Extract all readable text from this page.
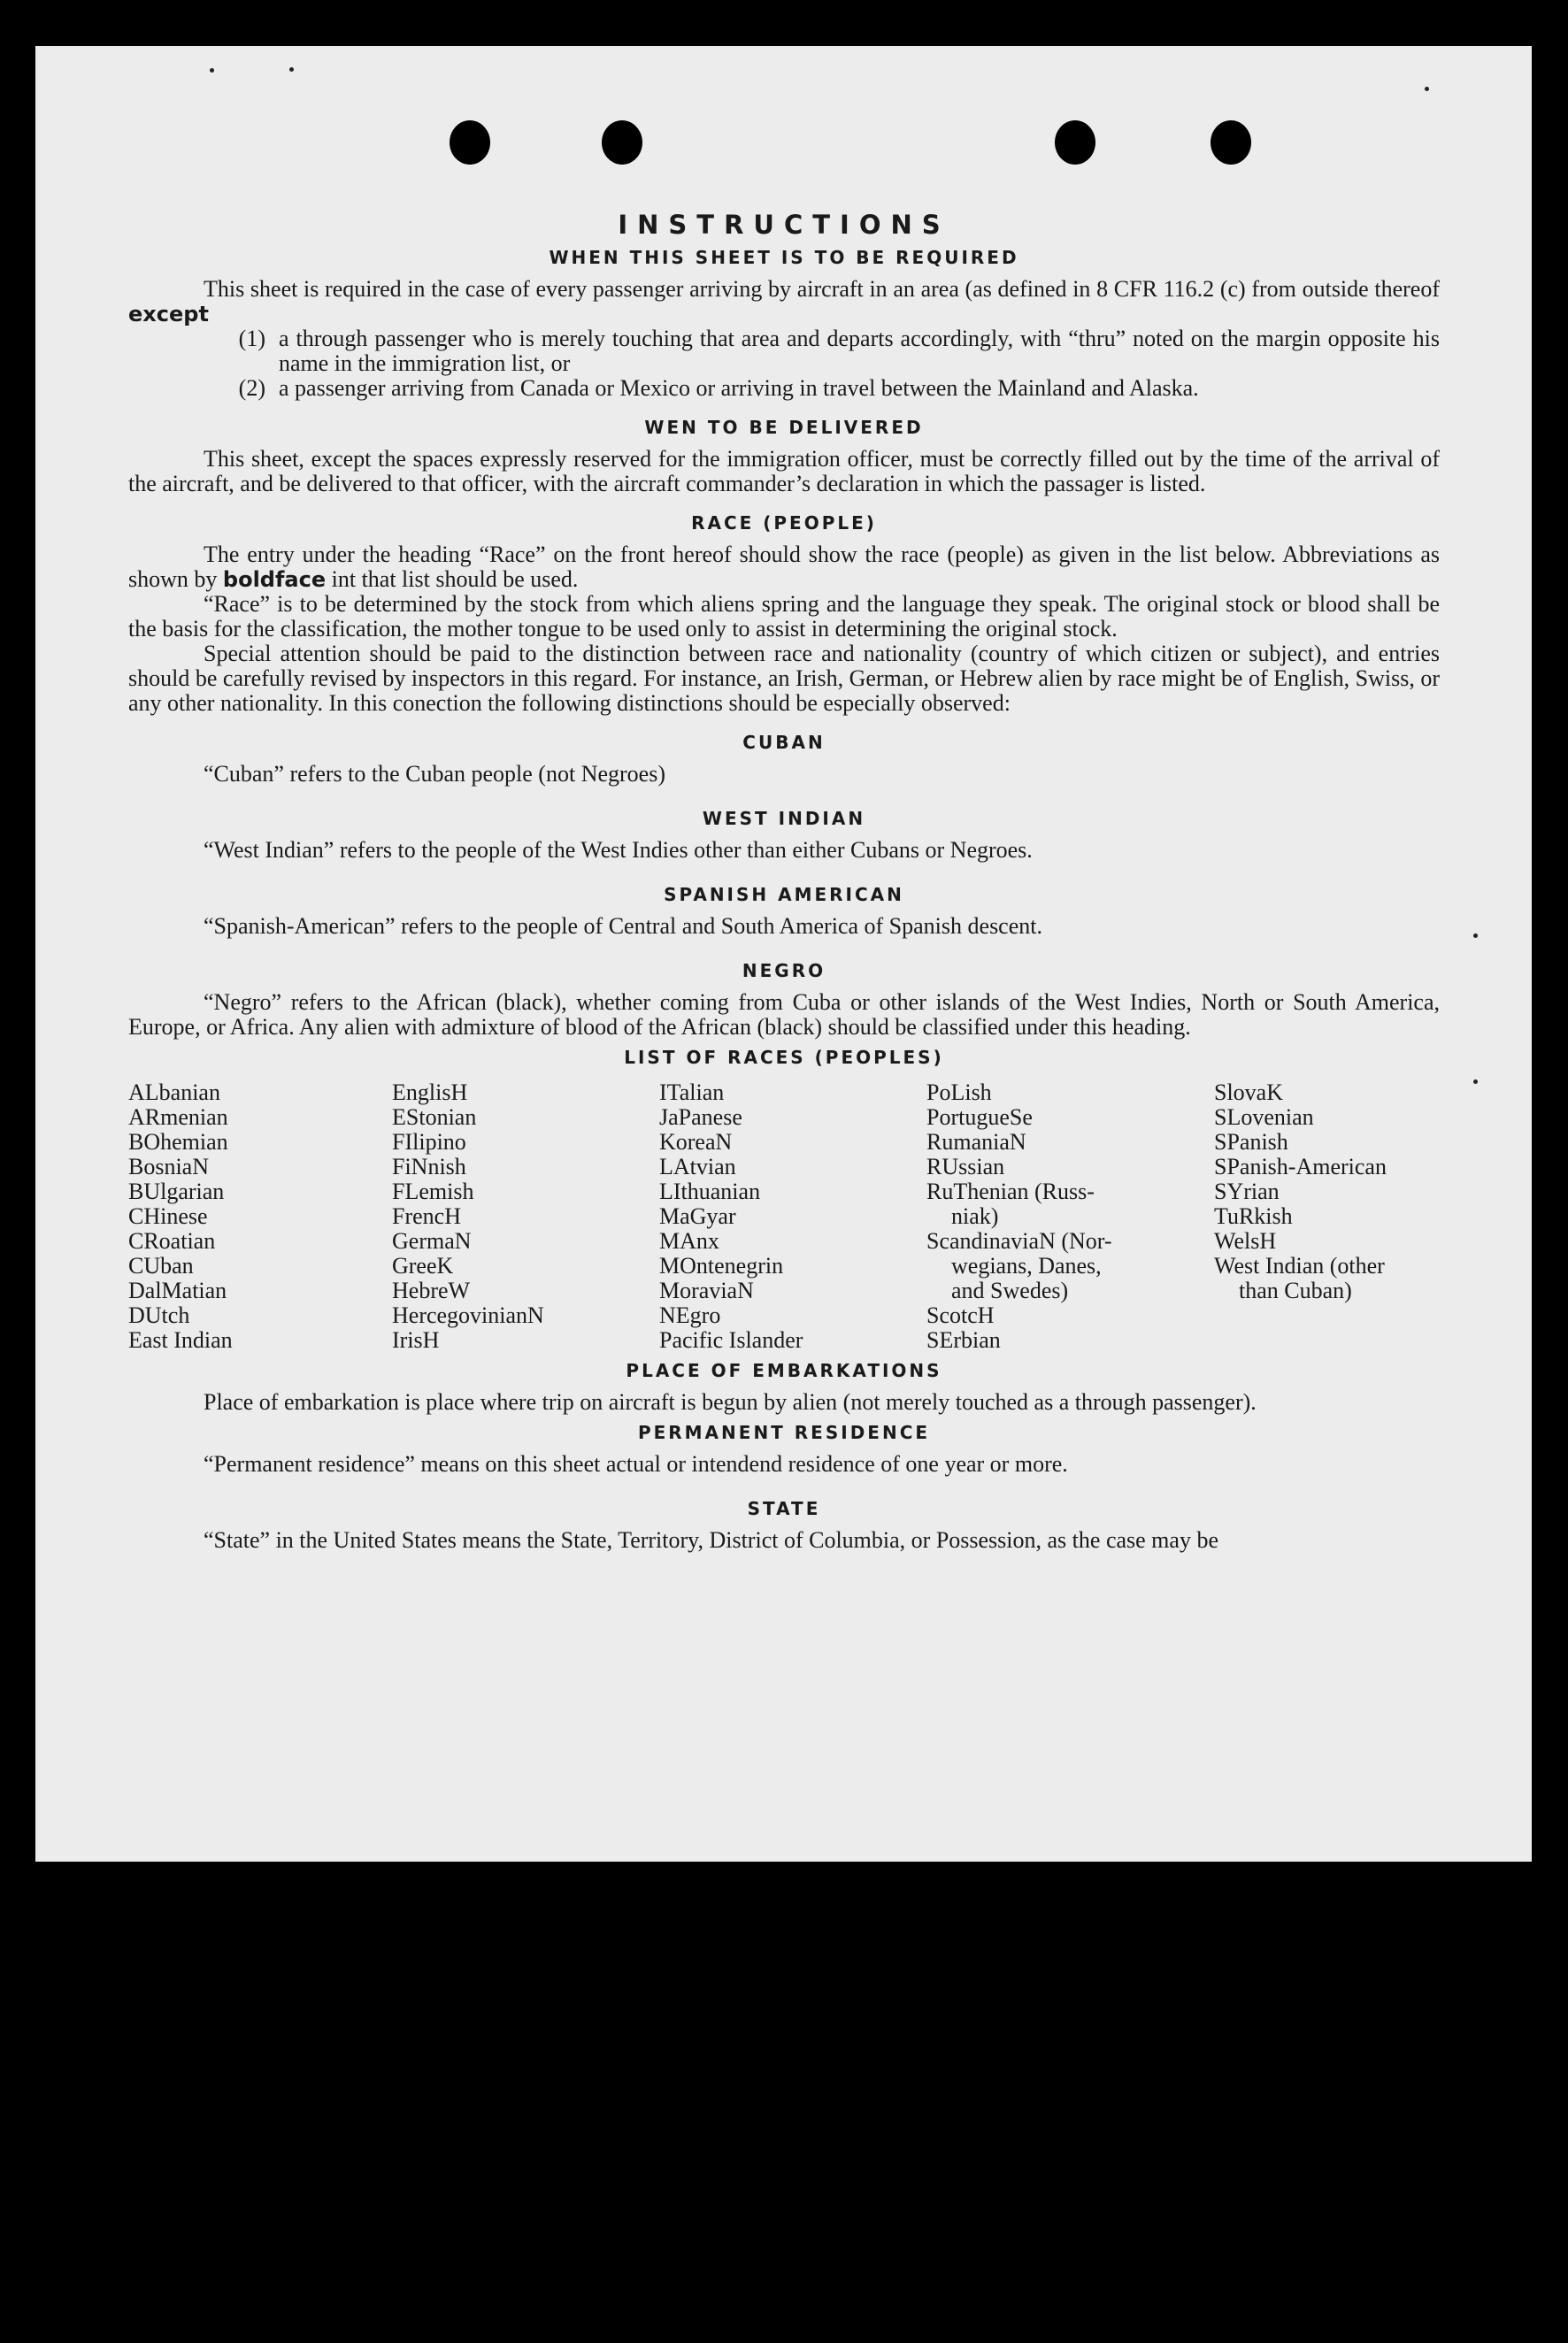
INSTRUCTIONS
WHEN THIS SHEET IS TO BE REQUIRED

This sheet is required in the case of every passenger arriving by aircraft in an area (as defined in 8 CFR 116.2 (c) from outside thereof except

(1) a through passenger who is merely touching that area and departs accordingly, with “thru” noted on the margin opposite his name in the immigration list, or
(2) a passenger arriving from Canada or Mexico or arriving in travel between the Mainland and Alaska.
WEN TO BE DELIVERED

This sheet, except the spaces expressly reserved for the immigration officer, must be correctly filled out by the time of the arrival of the aircraft, and be delivered to that officer, with the aircraft commander’s declaration in which the passager is listed.

RACE (PEOPLE)

The entry under the heading “Race” on the front hereof should show the race (people) as given in the list below. Abbreviations as shown by boldface int that list should be used.

“Race” is to be determined by the stock from which aliens spring and the language they speak. The original stock or blood shall be the basis for the classification, the mother tongue to be used only to assist in determining the original stock.

Special attention should be paid to the distinction between race and nationality (country of which citizen or subject), and entries should be carefully revised by inspectors in this regard. For instance, an Irish, German, or Hebrew alien by race might be of English, Swiss, or any other nationality. In this conection the following distinctions should be especially observed:

CUBAN

“Cuban” refers to the Cuban people (not Negroes)

WEST INDIAN

“West Indian” refers to the people of the West Indies other than either Cubans or Negroes.

SPANISH AMERICAN

“Spanish-American” refers to the people of Central and South America of Spanish descent.

NEGRO

“Negro” refers to the African (black), whether coming from Cuba or other islands of the West Indies, North or South America, Europe, or Africa. Any alien with admixture of blood of the African (black) should be classified under this heading.

LIST OF RACES (PEOPLES)
ALbanian
ARmenian
BOhemian
BosniaN
BUlgarian
CHinese
CRoatian
CUban
DalMatian
DUtch
East Indian
EnglisH
EStonian
FIlipino
FiNnish
FLemish
FrencH
GermaN
GreeK
HebreW
HercegovinianN
IrisH
ITalian
JaPanese
KoreaN
LAtvian
LIthuanian
MaGyar
MAnx
MOntenegrin
MoraviaN
NEgro
Pacific Islander
PoLish
PortugueSe
RumaniaN
RUssian
RuThenian (Russ-
niak)
ScandinaviaN (Nor-
wegians, Danes,
and Swedes)
ScotcH
SErbian
SlovaK
SLovenian
SPanish
SPanish-American
SYrian
TuRkish
WelsH
West Indian (other
than Cuban)
PLACE OF EMBARKATIONS

Place of embarkation is place where trip on aircraft is begun by alien (not merely touched as a through passenger).

PERMANENT RESIDENCE

“Permanent residence” means on this sheet actual or intendend residence of one year or more.

STATE

“State” in the United States means the State, Territory, District of Columbia, or Possession, as the case may be
